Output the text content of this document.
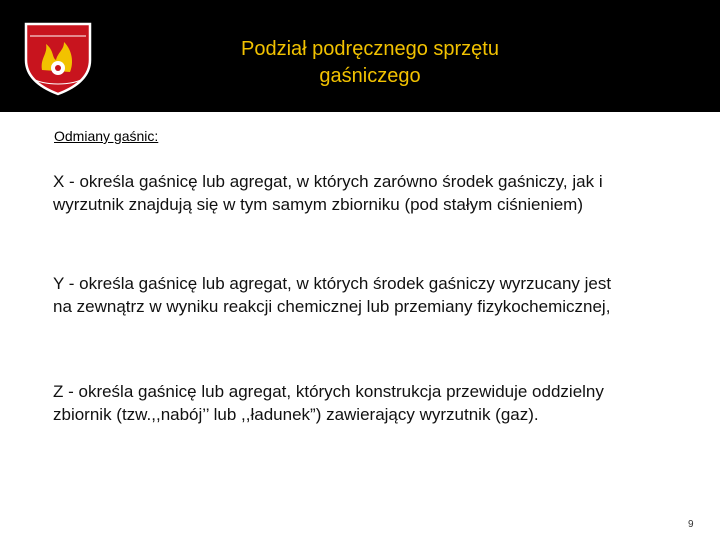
Podział podręcznego sprzętu
gaśniczego
Odmiany gaśnic:
X - określa gaśnicę lub agregat, w których zarówno środek gaśniczy, jak i wyrzutnik znajdują się w tym samym zbiorniku (pod stałym ciśnieniem)
Y - określa gaśnicę lub agregat, w których środek gaśniczy wyrzucany jest na zewnątrz w wyniku reakcji chemicznej lub przemiany fizykochemicznej,
Z - określa gaśnicę lub agregat, których konstrukcja przewiduje oddzielny zbiornik (tzw.,,nabój’’ lub ,,ładunek”) zawierający wyrzutnik (gaz).
9
